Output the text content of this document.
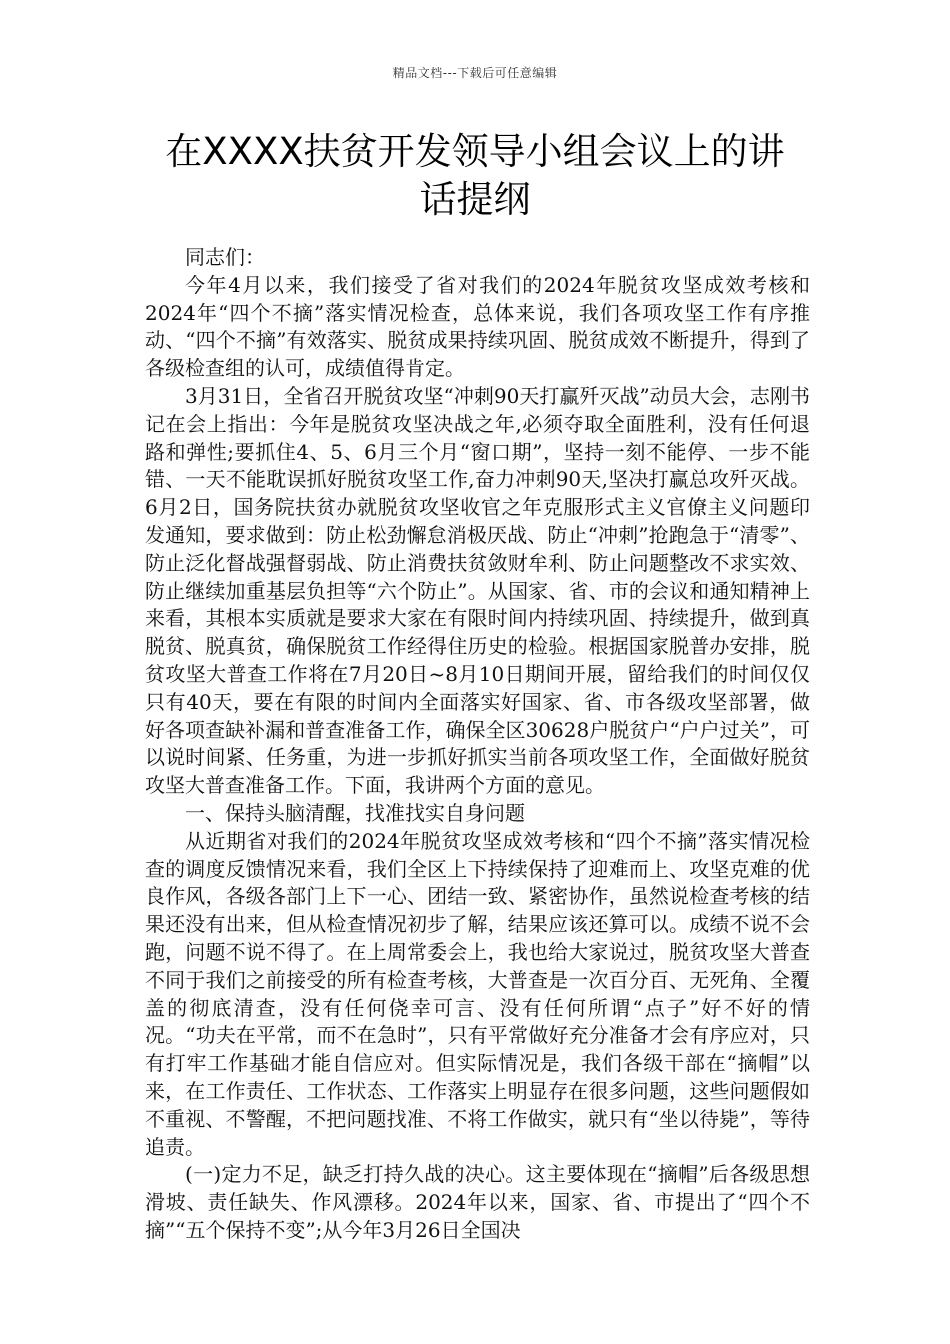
精品文档---下载后可任意编辑
在XXXX扶贫开发领导小组会议上的讲话提纲

同志们：

今年4月以来，我们接受了省对我们的2024年脱贫攻坚成效考核和2024年“四个不摘”落实情况检查，总体来说，我们各项攻坚工作有序推动、“四个不摘”有效落实、脱贫成果持续巩固、脱贫成效不断提升，得到了各级检查组的认可，成绩值得肯定。

3月31日，全省召开脱贫攻坚“冲刺90天打赢歼灭战”动员大会，志刚书记在会上指出：今年是脱贫攻坚决战之年,必须夺取全面胜利，没有任何退路和弹性;要抓住4、5、6月三个月“窗口期”，坚持一刻不能停、一步不能错、一天不能耽误抓好脱贫攻坚工作,奋力冲刺90天,坚决打赢总攻歼灭战。6月2日，国务院扶贫办就脱贫攻坚收官之年克服形式主义官僚主义问题印发通知，要求做到：防止松劲懈怠消极厌战、防止“冲刺”抢跑急于“清零”、防止泛化督战强督弱战、防止消费扶贫敛财牟利、防止问题整改不求实效、防止继续加重基层负担等“六个防止”。从国家、省、市的会议和通知精神上来看，其根本实质就是要求大家在有限时间内持续巩固、持续提升，做到真脱贫、脱真贫，确保脱贫工作经得住历史的检验。根据国家脱普办安排，脱贫攻坚大普查工作将在7月20日~8月10日期间开展，留给我们的时间仅仅只有40天，要在有限的时间内全面落实好国家、省、市各级攻坚部署，做好各项查缺补漏和普查准备工作，确保全区30628户脱贫户“户户过关”，可以说时间紧、任务重，为进一步抓好抓实当前各项攻坚工作，全面做好脱贫攻坚大普查准备工作。下面，我讲两个方面的意见。

一、保持头脑清醒，找准找实自身问题

从近期省对我们的2024年脱贫攻坚成效考核和“四个不摘”落实情况检查的调度反馈情况来看，我们全区上下持续保持了迎难而上、攻坚克难的优良作风，各级各部门上下一心、团结一致、紧密协作，虽然说检查考核的结果还没有出来，但从检查情况初步了解，结果应该还算可以。成绩不说不会跑，问题不说不得了。在上周常委会上，我也给大家说过，脱贫攻坚大普查不同于我们之前接受的所有检查考核，大普查是一次百分百、无死角、全覆盖的彻底清查，没有任何侥幸可言、没有任何所谓“点子”好不好的情况。“功夫在平常，而不在急时”，只有平常做好充分准备才会有序应对，只有打牢工作基础才能自信应对。但实际情况是，我们各级干部在“摘帽”以来，在工作责任、工作状态、工作落实上明显存在很多问题，这些问题假如不重视、不警醒，不把问题找准、不将工作做实，就只有“坐以待毙”，等待追责。

(一)定力不足，缺乏打持久战的决心。这主要体现在“摘帽”后各级思想滑坡、责任缺失、作风漂移。2024年以来，国家、省、市提出了“四个不摘”“五个保持不变”;从今年3月26日全国决
